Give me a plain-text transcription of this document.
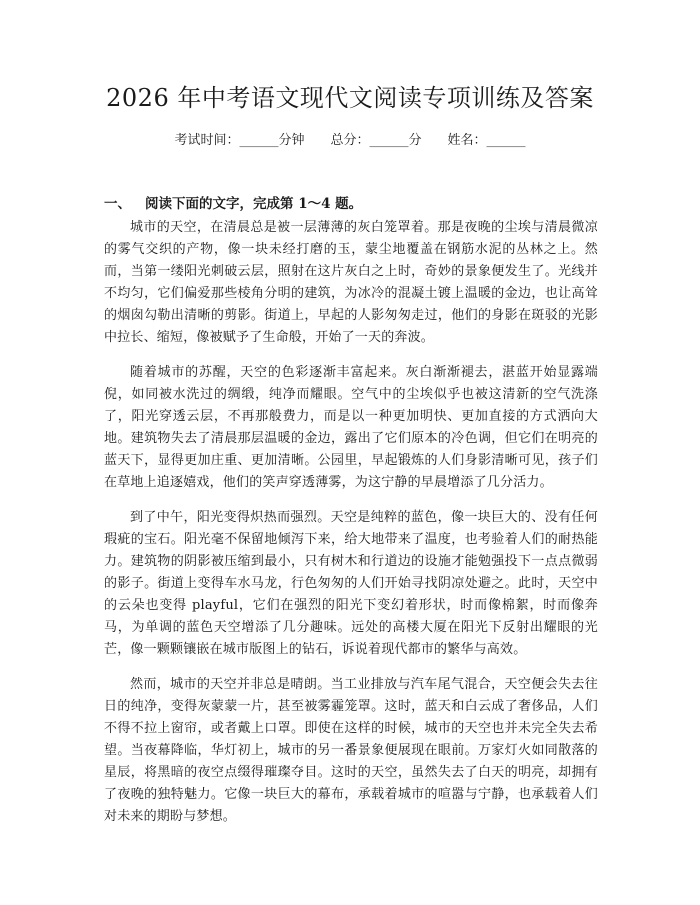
2026 年中考语文现代文阅读专项训练及答案
考试时间：______分钟 总分：______分 姓名：______
一、 阅读下面的文字，完成第 1～4 题。

城市的天空，在清晨总是被一层薄薄的灰白笼罩着。那是夜晚的尘埃与清晨微凉的雾气交织的产物，像一块未经打磨的玉，蒙尘地覆盖在钢筋水泥的丛林之上。然而，当第一缕阳光刺破云层，照射在这片灰白之上时，奇妙的景象便发生了。光线并不均匀，它们偏爱那些棱角分明的建筑，为冰冷的混凝土镀上温暖的金边，也让高耸的烟囱勾勒出清晰的剪影。街道上，早起的人影匆匆走过，他们的身影在斑驳的光影中拉长、缩短，像被赋予了生命般，开始了一天的奔波。

随着城市的苏醒，天空的色彩逐渐丰富起来。灰白渐渐褪去，湛蓝开始显露端倪，如同被水洗过的绸缎，纯净而耀眼。空气中的尘埃似乎也被这清新的空气洗涤了，阳光穿透云层，不再那般费力，而是以一种更加明快、更加直接的方式洒向大地。建筑物失去了清晨那层温暖的金边，露出了它们原本的冷色调，但它们在明亮的蓝天下，显得更加庄重、更加清晰。公园里，早起锻炼的人们身影清晰可见，孩子们在草地上追逐嬉戏，他们的笑声穿透薄雾，为这宁静的早晨增添了几分活力。

到了中午，阳光变得炽热而强烈。天空是纯粹的蓝色，像一块巨大的、没有任何瑕疵的宝石。阳光毫不保留地倾泻下来，给大地带来了温度，也考验着人们的耐热能力。建筑物的阴影被压缩到最小，只有树木和行道边的设施才能勉强投下一点点微弱的影子。街道上变得车水马龙，行色匆匆的人们开始寻找阴凉处避之。此时，天空中的云朵也变得 playful，它们在强烈的阳光下变幻着形状，时而像棉絮，时而像奔马，为单调的蓝色天空增添了几分趣味。远处的高楼大厦在阳光下反射出耀眼的光芒，像一颗颗镶嵌在城市版图上的钻石，诉说着现代都市的繁华与高效。

然而，城市的天空并非总是晴朗。当工业排放与汽车尾气混合，天空便会失去往日的纯净，变得灰蒙蒙一片，甚至被雾霾笼罩。这时，蓝天和白云成了奢侈品，人们不得不拉上窗帘，或者戴上口罩。即使在这样的时候，城市的天空也并未完全失去希望。当夜幕降临，华灯初上，城市的另一番景象便展现在眼前。万家灯火如同散落的星辰，将黑暗的夜空点缀得璀璨夺目。这时的天空，虽然失去了白天的明亮，却拥有了夜晚的独特魅力。它像一块巨大的幕布，承载着城市的喧嚣与宁静，也承载着人们对未来的期盼与梦想。
